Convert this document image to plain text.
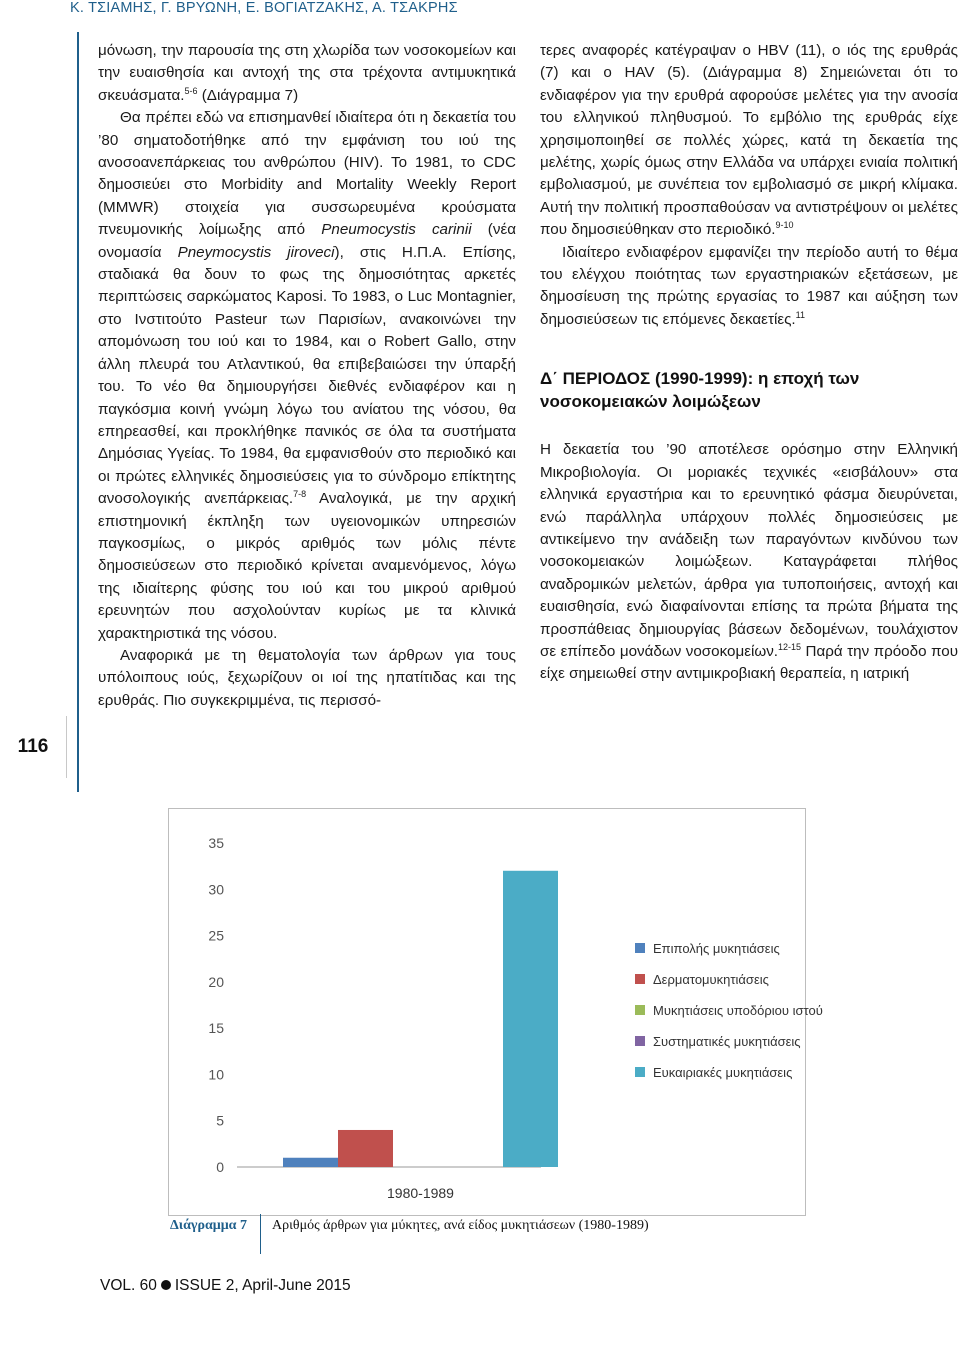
Κ. ΤΣΙΑΜΗΣ, Γ. ΒΡΥΩΝΗ, Ε. ΒΟΓΙΑΤΖΑΚΗΣ, Α. ΤΣΑΚΡΗΣ
116

μόνωση, την παρουσία της στη χλωρίδα των νοσοκομείων και την ευαισθησία και αντοχή της στα τρέχοντα αντιμυκητικά σκευάσματα.$^{5-6}$ (Διάγραμμα 7)

Θα πρέπει εδώ να επισημανθεί ιδιαίτερα ότι η δεκαετία του ’80 σηματοδοτήθηκε από την εμφάνιση του ιού της ανοσοανεπάρκειας του ανθρώπου (HIV). Το 1981, το CDC δημοσιεύει στο Morbidity and Mortality Weekly Report (MMWR) στοιχεία για συσσωρευμένα κρούσματα πνευμονικής λοίμωξης από Pneumocystis carinii (νέα ονομασία Pneymocystis jiroveci), στις Η.Π.Α. Επίσης, σταδιακά θα δουν το φως της δημοσιότητας αρκετές περιπτώσεις σαρκώματος Kaposi. Το 1983, ο Luc Montagnier, στο Ινστιτούτο Pasteur των Παρισίων, ανακοινώνει την απομόνωση του ιού και το 1984, και ο Robert Gallo, στην άλλη πλευρά του Ατλαντικού, θα επιβεβαιώσει την ύπαρξή του. Το νέο θα δημιουργήσει διεθνές ενδιαφέρον και η παγκόσμια κοινή γνώμη λόγω του ανίατου της νόσου, θα επηρεασθεί, και προκλήθηκε πανικός σε όλα τα συστήματα Δημόσιας Υγείας. Το 1984, θα εμφανισθούν στο περιοδικό και οι πρώτες ελληνικές δημοσιεύσεις για το σύνδρομο επίκτητης ανοσολογικής ανεπάρκειας.$^{7-8}$ Αναλογικά, με την αρχική επιστημονική έκπληξη των υγειονομικών υπηρεσιών παγκοσμίως, ο μικρός αριθμός των μόλις πέντε δημοσιεύσεων στο περιοδικό κρίνεται αναμενόμενος, λόγω της ιδιαίτερης φύσης του ιού και του μικρού αριθμού ερευνητών που ασχολούνταν κυρίως με τα κλινικά χαρακτηριστικά της νόσου.

Αναφορικά με τη θεματολογία των άρθρων για τους υπόλοιπους ιούς, ξεχωρίζουν οι ιοί της ηπατίτιδας και της ερυθράς. Πιο συγκεκριμμένα, τις περισσό-

τερες αναφορές κατέγραψαν ο HBV (11), ο ιός της ερυθράς (7) και ο HAV (5). (Διάγραμμα 8) Σημειώνεται ότι το ενδιαφέρον για την ερυθρά αφορούσε μελέτες για την ανοσία του ελληνικού πληθυσμού. Το εμβόλιο της ερυθράς είχε χρησιμοποιηθεί σε πολλές χώρες, κατά τη δεκαετία της μελέτης, χωρίς όμως στην Ελλάδα να υπάρχει ενιαία πολιτική εμβολιασμού, με συνέπεια τον εμβολιασμό σε μικρή κλίμακα. Αυτή την πολιτική προσπαθούσαν να αντιστρέψουν οι μελέτες που δημοσιεύθηκαν στο περιοδικό.$^{9-10}$

Ιδιαίτερο ενδιαφέρον εμφανίζει την περίοδο αυτή το θέμα του ελέγχου ποιότητας των εργαστηριακών εξετάσεων, με δημοσίευση της πρώτης εργασίας το 1987 και αύξηση των δημοσιεύσεων τις επόμενες δεκαετίες.$^{11}$

Δ΄ ΠΕΡΙΟΔΟΣ (1990-1999): η εποχή των νοσοκομειακών λοιμώξεων

Η δεκαετία του ’90 αποτέλεσε ορόσημο στην Ελληνική Μικροβιολογία. Οι μοριακές τεχνικές «εισβάλουν» στα ελληνικά εργαστήρια και το ερευνητικό φάσμα διευρύνεται, ενώ παράλληλα υπάρχουν πολλές δημοσιεύσεις με αντικείμενο την ανάδειξη των παραγόντων κινδύνου των νοσοκομειακών λοιμώξεων. Καταγράφεται πλήθος αναδρομικών μελετών, άρθρα για τυποποιήσεις, αντοχή και ευαισθησία, ενώ διαφαίνονται επίσης τα πρώτα βήματα της προσπάθειας δημιουργίας βάσεων δεδομένων, τουλάχιστον σε επίπεδο μονάδων νοσοκομείων.$^{12-15}$ Παρά την πρόοδο που είχε σημειωθεί στην αντιμικροβιακή θεραπεία, η ιατρική

0
5
10
15
20
25
30
35
1980-1989
Επιπολής μυκητιάσεις
Δερματομυκητιάσεις
Μυκητιάσεις υποδόριου ιστού
Συστηματικές μυκητιάσεις
Ευκαιριακές μυκητιάσεις
Διάγραμμα 7 Αριθμός άρθρων για μύκητες, ανά είδος μυκητιάσεων (1980-1989)
VOL. 60 ISSUE 2, April-June 2015
